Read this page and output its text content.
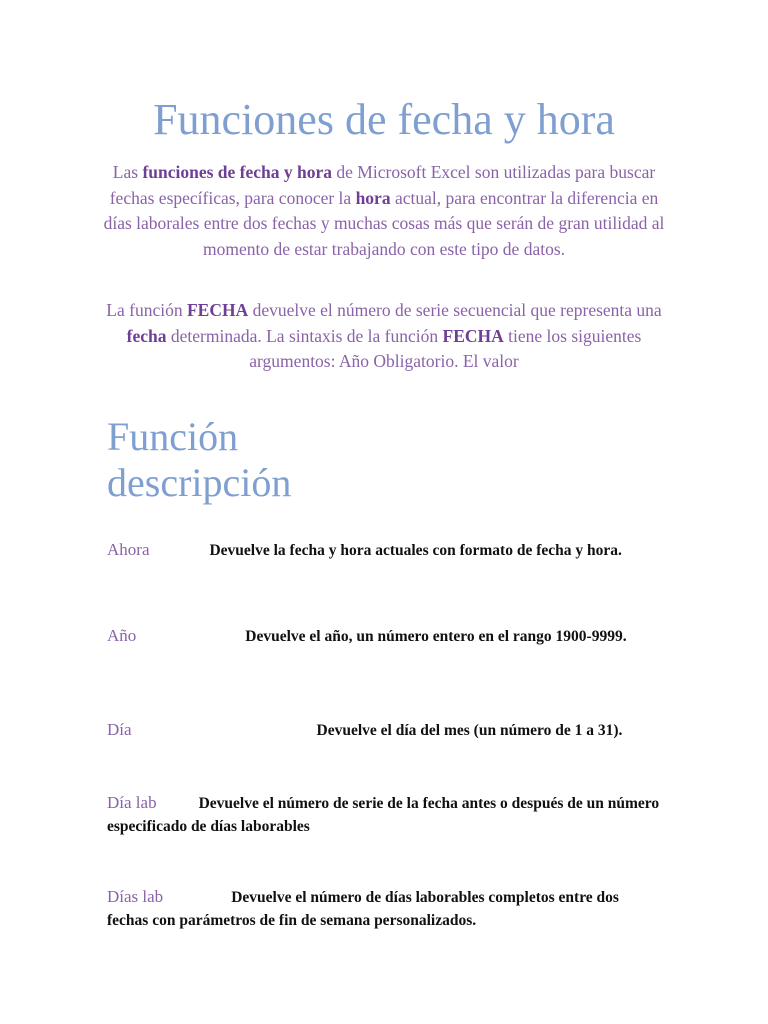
Funciones de fecha y hora

Las funciones de fecha y hora de Microsoft Excel son utilizadas para buscar fechas específicas, para conocer la hora actual, para encontrar la diferencia en días laborales entre dos fechas y muchas cosas más que serán de gran utilidad al momento de estar trabajando con este tipo de datos.

La función FECHA devuelve el número de serie secuencial que representa una fecha determinada. La sintaxis de la función FECHA tiene los siguientes argumentos: Año Obligatorio. El valor

Función
descripción
Ahora	Devuelve la fecha y hora actuales con formato de fecha y hora.
Año	Devuelve el año, un número entero en el rango 1900-9999.
Día	Devuelve el día del mes (un número de 1 a 31).
Día lab	Devuelve el número de serie de la fecha antes o después de un número especificado de días laborables
Días lab	Devuelve el número de días laborables completos entre dos fechas con parámetros de fin de semana personalizados.
